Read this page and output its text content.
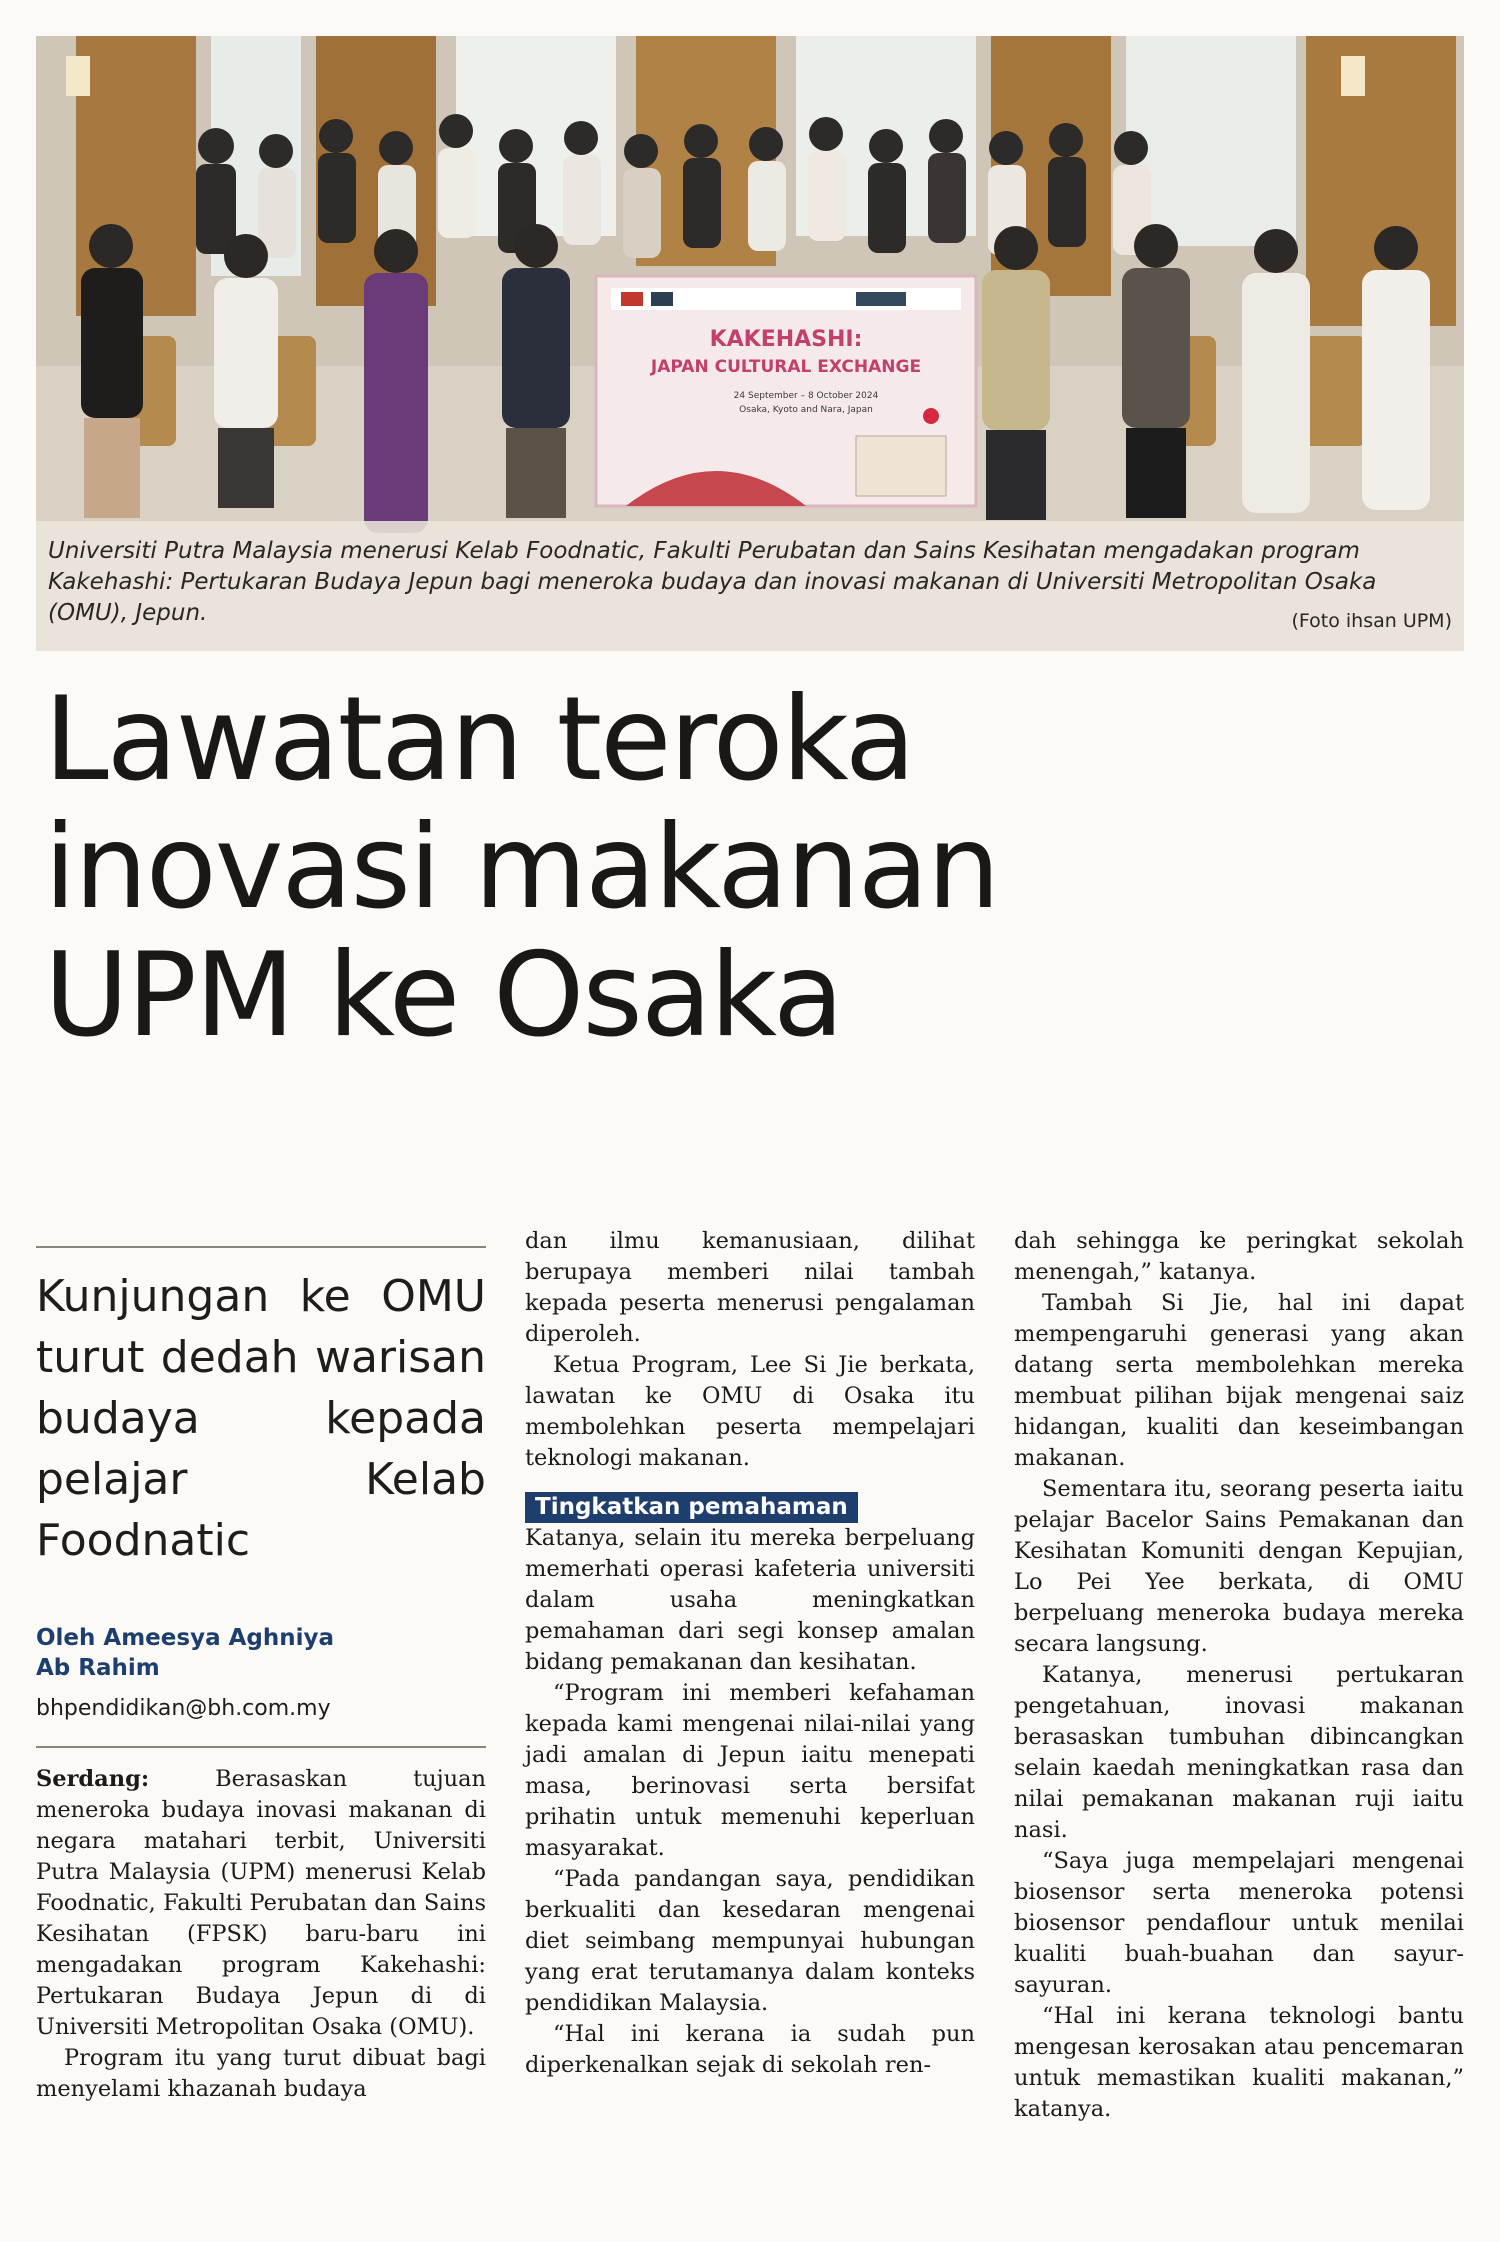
KAKEHASHI:
JAPAN CULTURAL EXCHANGE
24 September – 8 October 2024
Osaka, Kyoto and Nara, Japan
Universiti Putra Malaysia menerusi Kelab Foodnatic, Fakulti Perubatan dan Sains Kesihatan mengadakan program Kakehashi: Pertukaran Budaya Jepun bagi meneroka budaya dan inovasi makanan di Universiti Metropolitan Osaka (OMU), Jepun.	(Foto ihsan UPM)
Lawatan teroka
inovasi makanan
UPM ke Osaka

Kunjungan ke OMU turut dedah warisan budaya kepada pelajar Kelab Foodnatic

Oleh Ameesya Aghniya
Ab Rahim
bhpendidikan@bh.com.my

Serdang:	Berasaskan tujuan meneroka budaya inovasi makanan di negara matahari terbit, Universiti Putra Malaysia (UPM) menerusi Kelab Foodnatic, Fakulti Perubatan dan Sains Kesihatan (FPSK) baru-baru ini mengadakan program Kakehashi: Pertukaran Budaya Jepun di di Universiti Metropolitan Osaka (OMU).

Program itu yang turut dibuat bagi menyelami khazanah budaya

dan ilmu kemanusiaan, dilihat berupaya memberi nilai tambah kepada peserta menerusi pengalaman diperoleh.

Ketua Program, Lee Si Jie berkata, lawatan ke OMU di Osaka itu membolehkan peserta mempelajari teknologi makanan.

Tingkatkan pemahaman

Katanya, selain itu mereka berpeluang memerhati operasi kafeteria universiti dalam usaha meningkatkan pemahaman dari segi konsep amalan bidang pemakanan dan kesihatan.

“Program ini memberi kefahaman kepada kami mengenai nilai-nilai yang jadi amalan di Jepun iaitu menepati masa, berinovasi serta bersifat prihatin untuk memenuhi keperluan masyarakat.

“Pada pandangan saya, pendidikan berkualiti dan kesedaran mengenai diet seimbang mempunyai hubungan yang erat terutamanya dalam konteks pendidikan Malaysia.

“Hal ini kerana ia sudah pun diperkenalkan sejak di sekolah ren-

dah sehingga ke peringkat sekolah menengah,” katanya.

Tambah Si Jie, hal ini dapat mempengaruhi generasi yang akan datang serta membolehkan mereka membuat pilihan bijak mengenai saiz hidangan, kualiti dan keseimbangan makanan.

Sementara itu, seorang peserta iaitu pelajar Bacelor Sains Pemakanan dan Kesihatan Komuniti dengan Kepujian, Lo Pei Yee berkata, di OMU berpeluang meneroka budaya mereka secara langsung.

Katanya, menerusi pertukaran pengetahuan, inovasi makanan berasaskan tumbuhan dibincangkan selain kaedah meningkatkan rasa dan nilai pemakanan makanan ruji iaitu nasi.

“Saya juga mempelajari mengenai biosensor serta meneroka potensi biosensor pendaflour untuk menilai kualiti buah-buahan dan sayur-sayuran.

“Hal ini kerana teknologi bantu mengesan kerosakan atau pencemaran untuk memastikan kualiti makanan,” katanya.
